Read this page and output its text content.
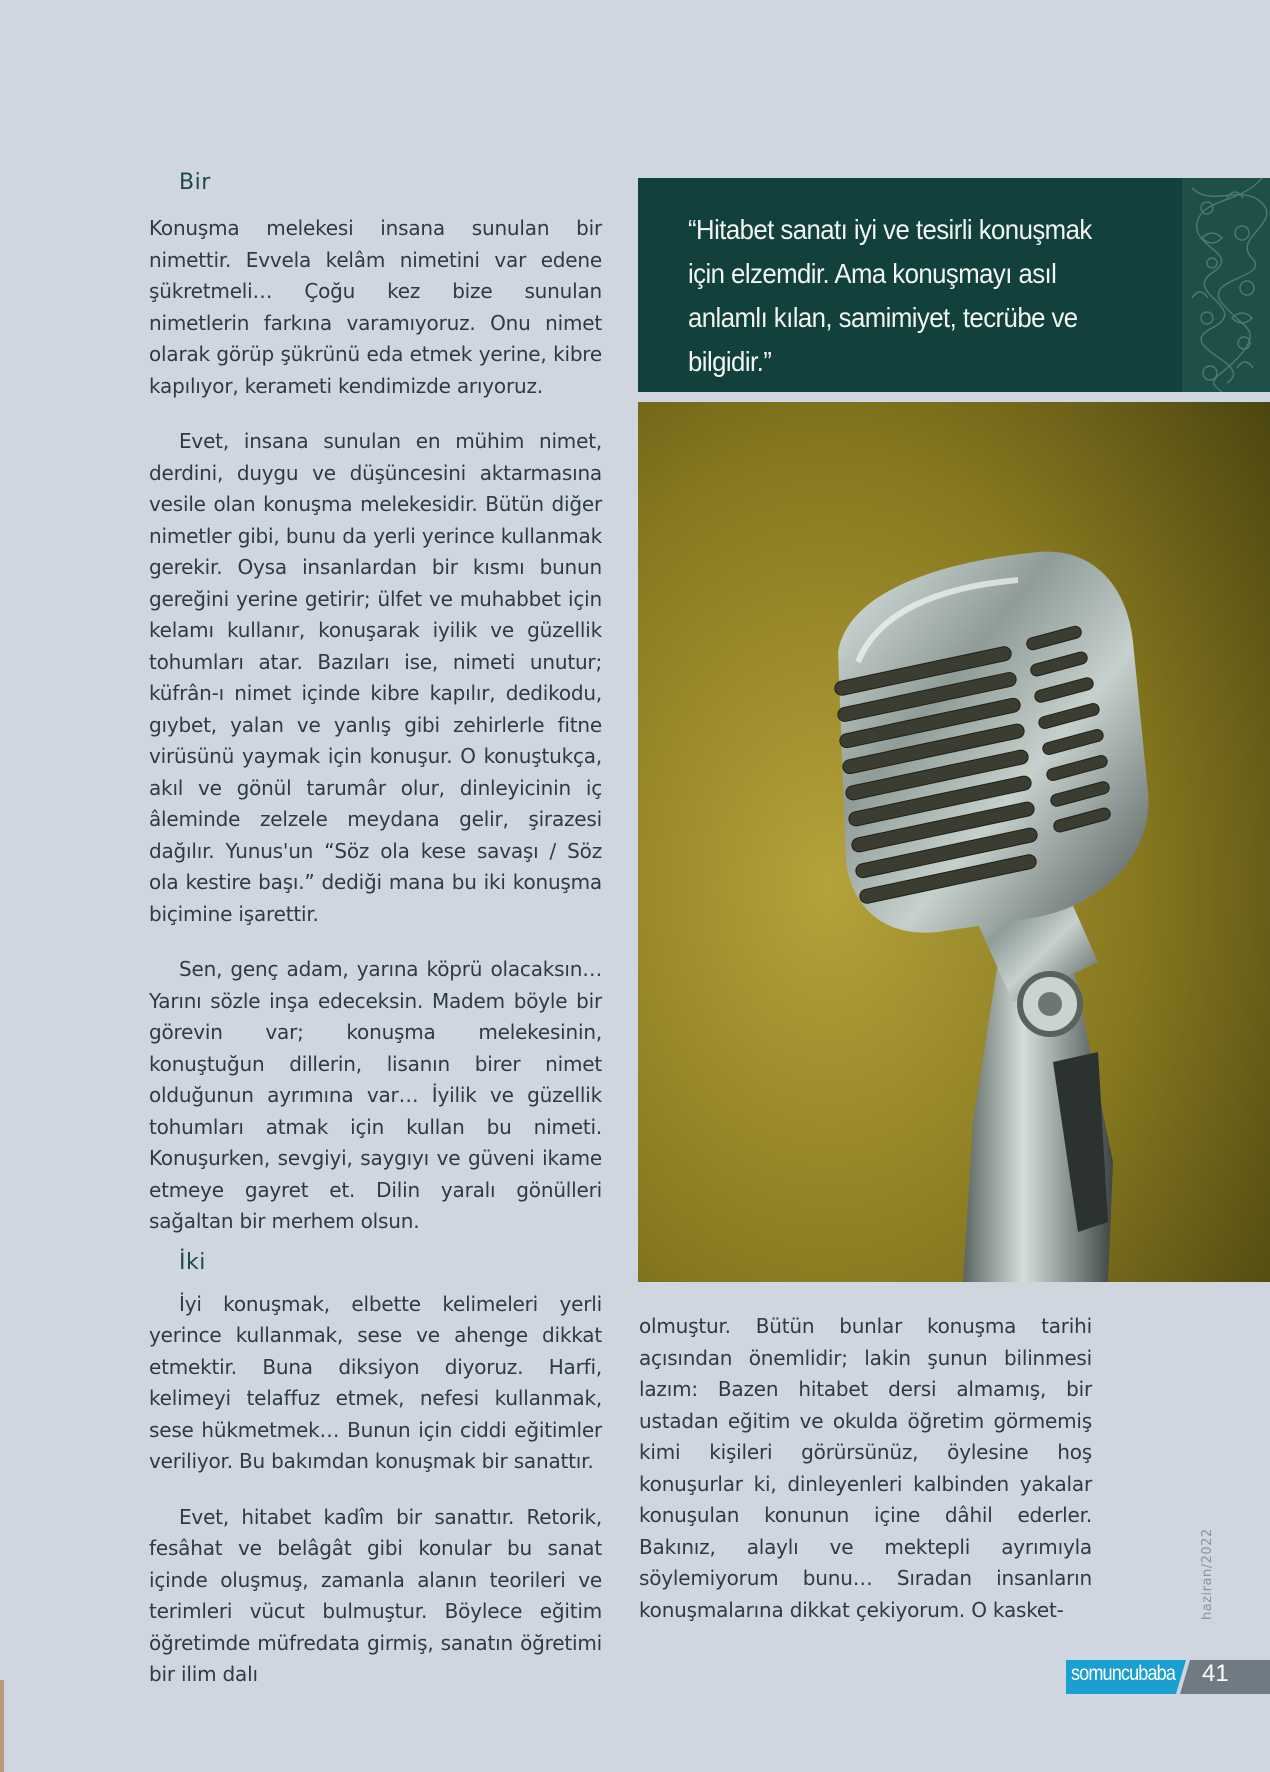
Bir

Konuşma melekesi insana sunulan bir nimettir. Evvela kelâm nimetini var edene şükretmeli… Çoğu kez bize sunulan nimetlerin farkına varamıyoruz. Onu nimet olarak görüp şükrünü eda etmek yerine, kibre kapılıyor, kerameti kendimizde arıyoruz.

Evet, insana sunulan en mühim nimet, derdini, duygu ve düşüncesini aktarmasına vesile olan konuşma melekesidir. Bütün diğer nimetler gibi, bunu da yerli yerince kullanmak gerekir. Oysa insanlardan bir kısmı bunun gereğini yerine getirir; ülfet ve muhabbet için kelamı kullanır, konuşarak iyilik ve güzellik tohumları atar. Bazıları ise, nimeti unutur; küfrân-ı nimet içinde kibre kapılır, dedikodu, gıybet, yalan ve yanlış gibi zehirlerle fitne virüsünü yaymak için konuşur. O konuştukça, akıl ve gönül tarumâr olur, dinleyicinin iç âleminde zelzele meydana gelir, şirazesi dağılır. Yunus'un “Söz ola kese savaşı / Söz ola kestire başı.” dediği mana bu iki konuşma biçimine işarettir.

Sen, genç adam, yarına köprü olacaksın… Yarını sözle inşa edeceksin. Madem böyle bir görevin var; konuşma melekesinin, konuştuğun dillerin, lisanın birer nimet olduğunun ayrımına var… İyilik ve güzellik tohumları atmak için kullan bu nimeti. Konuşurken, sevgiyi, saygıyı ve güveni ikame etmeye gayret et. Dilin yaralı gönülleri sağaltan bir merhem olsun.

İki

İyi konuşmak, elbette kelimeleri yerli yerince kullanmak, sese ve ahenge dikkat etmektir. Buna diksiyon diyoruz. Harfi, kelimeyi telaffuz etmek, nefesi kullanmak, sese hükmetmek… Bunun için ciddi eğitimler veriliyor. Bu bakımdan konuşmak bir sanattır.

Evet, hitabet kadîm bir sanattır. Retorik, fesâhat ve belâgât gibi konular bu sanat içinde oluşmuş, zamanla alanın teorileri ve terimleri vücut bulmuştur. Böylece eğitim öğretimde müfredata girmiş, sanatın öğretimi bir ilim dalı

“Hitabet sanatı iyi ve tesirli konuşmak için elzemdir. Ama konuşmayı asıl anlamlı kılan, samimiyet, tecrübe ve bilgidir.”

olmuştur. Bütün bunlar konuşma tarihi açısından önemlidir; lakin şunun bilinmesi lazım: Bazen hitabet dersi almamış, bir ustadan eğitim ve okulda öğretim görmemiş kimi kişileri görürsünüz, öylesine hoş konuşurlar ki, dinleyenleri kalbinden yakalar konuşulan konunun içine dâhil ederler. Bakınız, alaylı ve mektepli ayrımıyla söylemiyorum bunu… Sıradan insanların konuşmalarına dikkat çekiyorum. O kasket-	haziran/2022
somuncubaba 41
